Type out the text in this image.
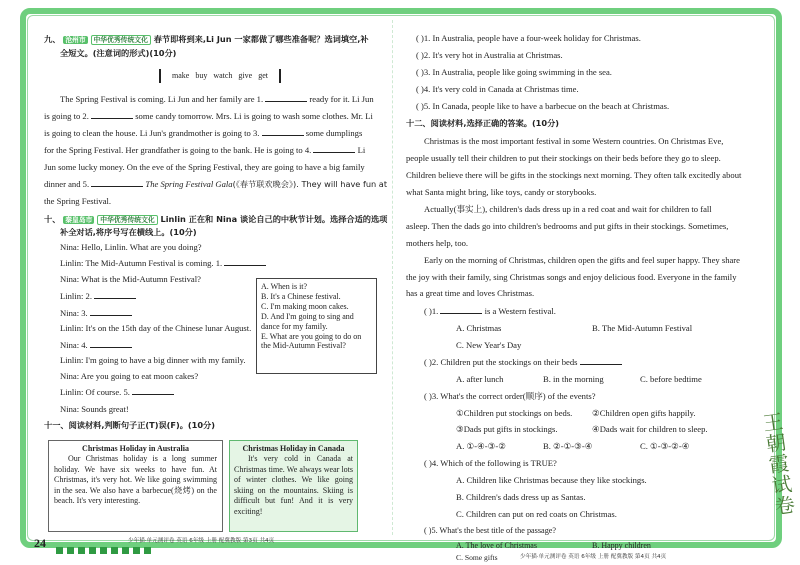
九、 沧州市 中华优秀传统文化 春节即将到来,Li Jun 一家都做了哪些准备呢？选词填空,补
全短文。(注意词的形式)(10分)
make buy watch give get
The Spring Festival is coming. Li Jun and her family are 1.	ready for it. Li Jun
is going to 2.	some candy tomorrow. Mrs. Li is going to wash some clothes. Mr. Li
is going to clean the house. Li Jun's grandmother is going to 3.	some dumplings
for the Spring Festival. Her grandfather is going to the bank. He is going to 4.	Li
Jun some lucky money. On the eve of the Spring Festival, they are going to have a big family
dinner and 5.	The Spring Festival Gala(《春节联欢晚会》). They will have fun at
the Spring Festival.
十、 秦皇岛市 中华优秀传统文化 Linlin 正在和 Nina 谈论自己的中秋节计划。选择合适的选项
补全对话,将序号写在横线上。(10分)
Nina: Hello, Linlin. What are you doing?
Linlin: The Mid-Autumn Festival is coming. 1.
Nina: What is the Mid-Autumn Festival?
Linlin: 2.
Nina: 3.
Linlin: It's on the 15th day of the Chinese lunar August.
Nina: 4.
Linlin: I'm going to have a big dinner with my family.
Nina: Are you going to eat moon cakes?
Linlin: Of course. 5.
Nina: Sounds great!
A. When is it?
B. It's a Chinese festival.
C. I'm making moon cakes.
D. And I'm going to sing and dance for my family.
E. What are you going to do on the Mid-Autumn Festival?
十一、阅读材料,判断句子正(T)误(F)。(10分)
Christmas Holiday in Australia
Our Christmas holiday is a long summer holiday. We have six weeks to have fun. At Christmas, it's very hot. We like going swimming in the sea. We also have a barbecue(烧烤) on the beach. It's very interesting.
Christmas Holiday in Canada
It's very cold in Canada at Christmas time. We always wear lots of winter clothes. We like going skiing on the mountains. Skiing is difficult but fun! And it is very exciting!
24	少年猫·单元测评卷 英语 6年级 上册 配冀教版 第3页 共4页
( )1. In Australia, people have a four-week holiday for Christmas.
( )2. It's very hot in Australia at Christmas.
( )3. In Australia, people like going swimming in the sea.
( )4. It's very cold in Canada at Christmas time.
( )5. In Canada, people like to have a barbecue on the beach at Christmas.
十二、阅读材料,选择正确的答案。(10分)
Christmas is the most important festival in some Western countries. On Christmas Eve,
people usually tell their children to put their stockings on their beds before they go to sleep.
Children believe there will be gifts in the stockings next morning. They often talk excitedly about
what Santa might bring, like toys, candy or storybooks.
Actually(事实上), children's dads dress up in a red coat and wait for children to fall
asleep. Then the dads go into children's bedrooms and put gifts in their stockings. Sometimes,
mothers help, too.
Early on the morning of Christmas, children open the gifts and feel super happy. They share
the joy with their family, sing Christmas songs and enjoy delicious food. Everyone in the family
has a great time and loves Christmas.
( )1.	is a Western festival.
A. Christmas	B. The Mid-Autumn Festival
C. New Year's Day
( )2. Children put the stockings on their beds
A. after lunch	B. in the morning	C. before bedtime
( )3. What's the correct order(顺序) of the events?
①Children put stockings on beds. ②Children open gifts happily.
③Dads put gifts in stockings.	④Dads wait for children to sleep.
A. ①-④-③-②	B. ②-①-③-④	C. ①-③-②-④
( )4. Which of the following is TRUE?
A. Children like Christmas because they like stockings.
B. Children's dads dress up as Santas.
C. Children can put on red coats on Christmas.
( )5. What's the best title of the passage?
A. The love of Christmas	B. Happy children
C. Some gifts	少年猫·单元测评卷 英语 6年级 上册 配冀教版 第4页 共4页
王朝霞试卷
